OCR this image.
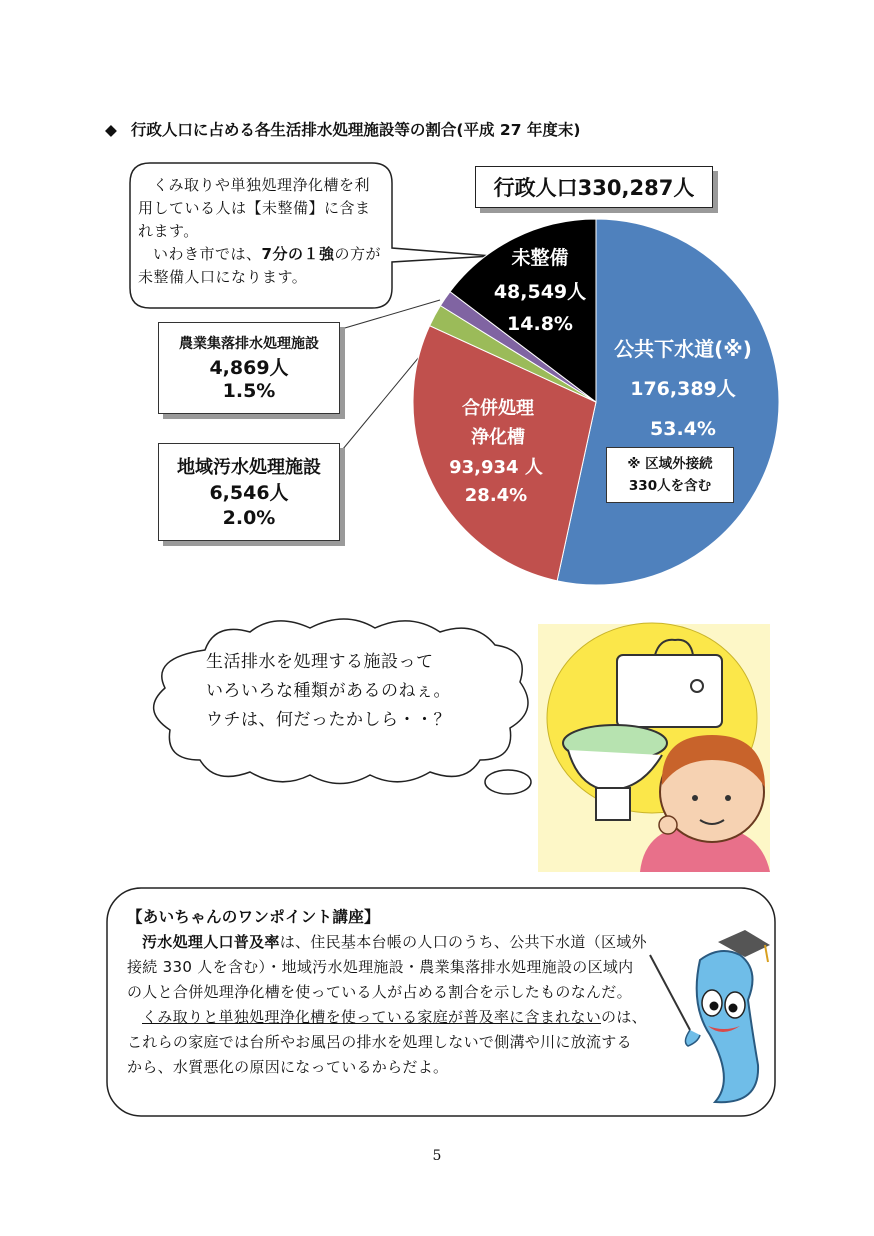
◆ 行政人口に占める各生活排水処理施設等の割合(平成 27 年度末)
行政人口330,287人
くみ取りや単独処理浄化槽を利用している人は【未整備】に含まれます。
いわき市では、7分の１強の方が未整備人口になります。
未整備
48,549人
14.8%
公共下水道(※)
176,389人
53.4%
合併処理
浄化槽
93,934 人
28.4%
※ 区域外接続
330人を含む
農業集落排水処理施設
4,869人
1.5%
地域汚水処理施設
6,546人
2.0%
生活排水を処理する施設って
いろいろな種類があるのねぇ。
ウチは、何だったかしら・・？
【あいちゃんのワンポイント講座】

汚水処理人口普及率は、住民基本台帳の人口のうち、公共下水道（区域外接続 330 人を含む）・地域汚水処理施設・農業集落排水処理施設の区域内の人と合併処理浄化槽を使っている人が占める割合を示したものなんだ。

くみ取りと単独処理浄化槽を使っている家庭が普及率に含まれないのは、これらの家庭では台所やお風呂の排水を処理しないで側溝や川に放流するから、水質悪化の原因になっているからだよ。

5
